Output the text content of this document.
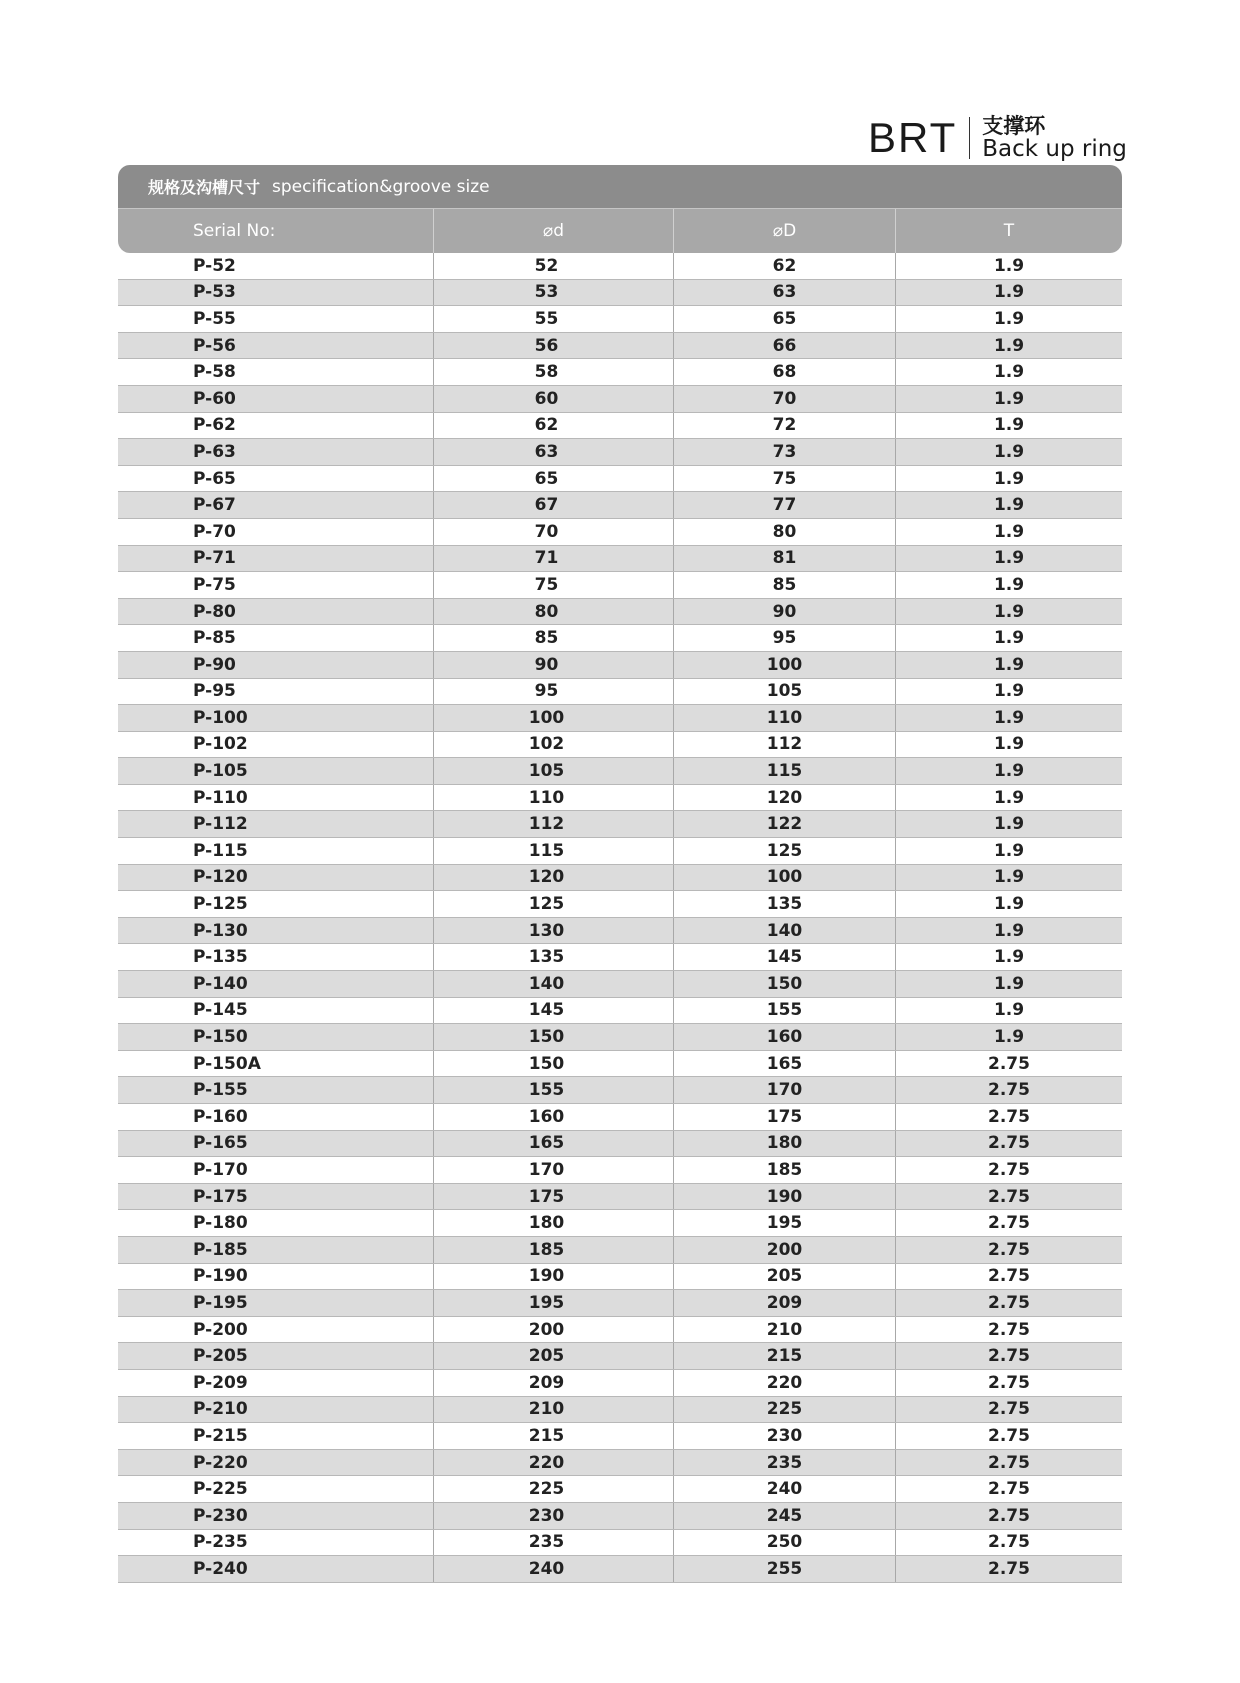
BRT 支撑环
Back up ring
规格及沟槽尺寸 specification&groove size
Serial No:	⌀d	⌀D	T
P-52	52	62	1.9
P-53	53	63	1.9
P-55	55	65	1.9
P-56	56	66	1.9
P-58	58	68	1.9
P-60	60	70	1.9
P-62	62	72	1.9
P-63	63	73	1.9
P-65	65	75	1.9
P-67	67	77	1.9
P-70	70	80	1.9
P-71	71	81	1.9
P-75	75	85	1.9
P-80	80	90	1.9
P-85	85	95	1.9
P-90	90	100	1.9
P-95	95	105	1.9
P-100	100	110	1.9
P-102	102	112	1.9
P-105	105	115	1.9
P-110	110	120	1.9
P-112	112	122	1.9
P-115	115	125	1.9
P-120	120	100	1.9
P-125	125	135	1.9
P-130	130	140	1.9
P-135	135	145	1.9
P-140	140	150	1.9
P-145	145	155	1.9
P-150	150	160	1.9
P-150A	150	165	2.75
P-155	155	170	2.75
P-160	160	175	2.75
P-165	165	180	2.75
P-170	170	185	2.75
P-175	175	190	2.75
P-180	180	195	2.75
P-185	185	200	2.75
P-190	190	205	2.75
P-195	195	209	2.75
P-200	200	210	2.75
P-205	205	215	2.75
P-209	209	220	2.75
P-210	210	225	2.75
P-215	215	230	2.75
P-220	220	235	2.75
P-225	225	240	2.75
P-230	230	245	2.75
P-235	235	250	2.75
P-240	240	255	2.75
